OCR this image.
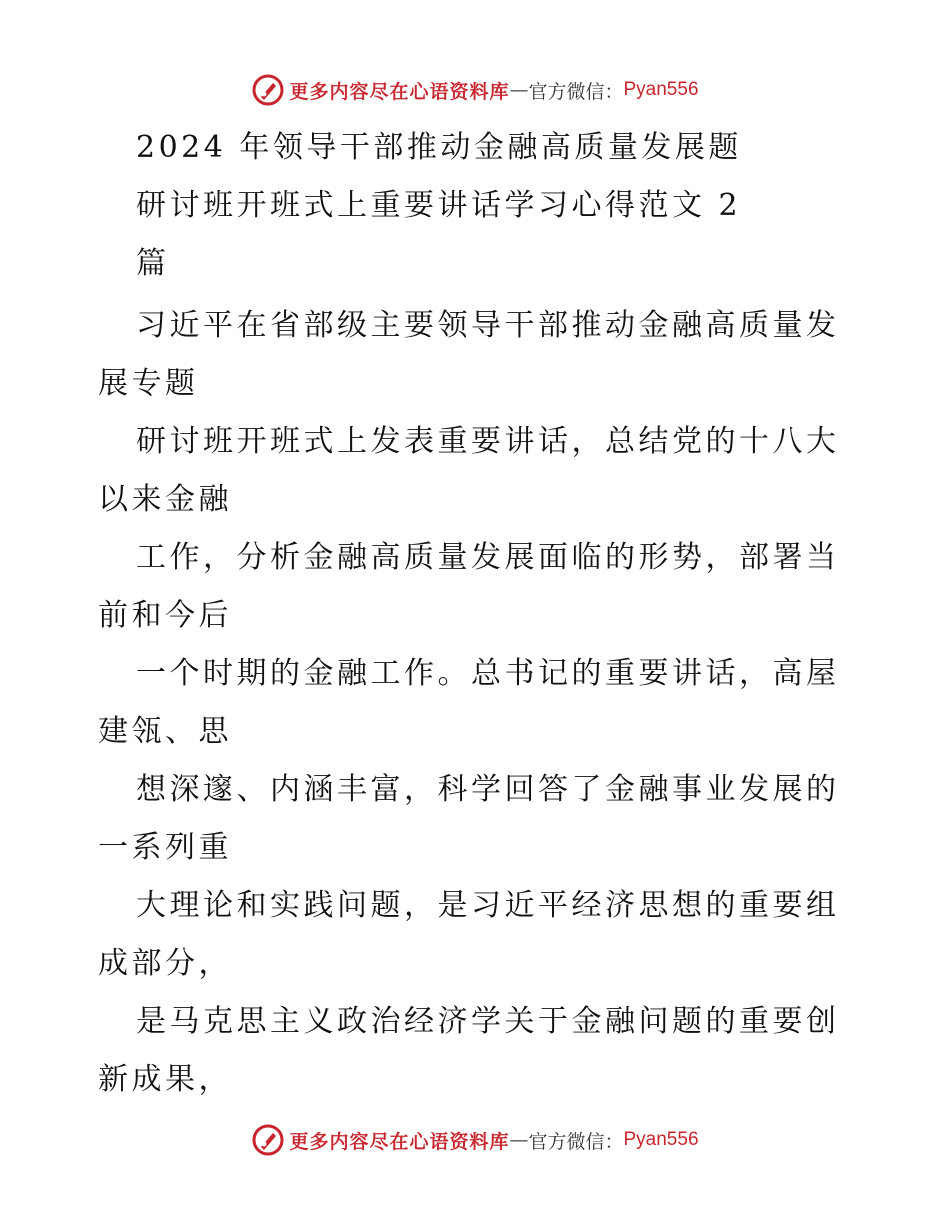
更多内容尽在心语资料库 — 官方微信： Pyan556
2024 年领导干部推动金融高质量发展题
研讨班开班式上重要讲话学习心得范文 2
篇
习近平在省部级主要领导干部推动金融高质量发
展专题
研讨班开班式上发表重要讲话，总结党的十八大
以来金融
工作，分析金融高质量发展面临的形势，部署当
前和今后
一个时期的金融工作。总书记的重要讲话，高屋
建瓴、思
想深邃、内涵丰富，科学回答了金融事业发展的
一系列重
大理论和实践问题，是习近平经济思想的重要组
成部分，
是马克思主义政治经济学关于金融问题的重要创
新成果，
更多内容尽在心语资料库 — 官方微信： Pyan556
